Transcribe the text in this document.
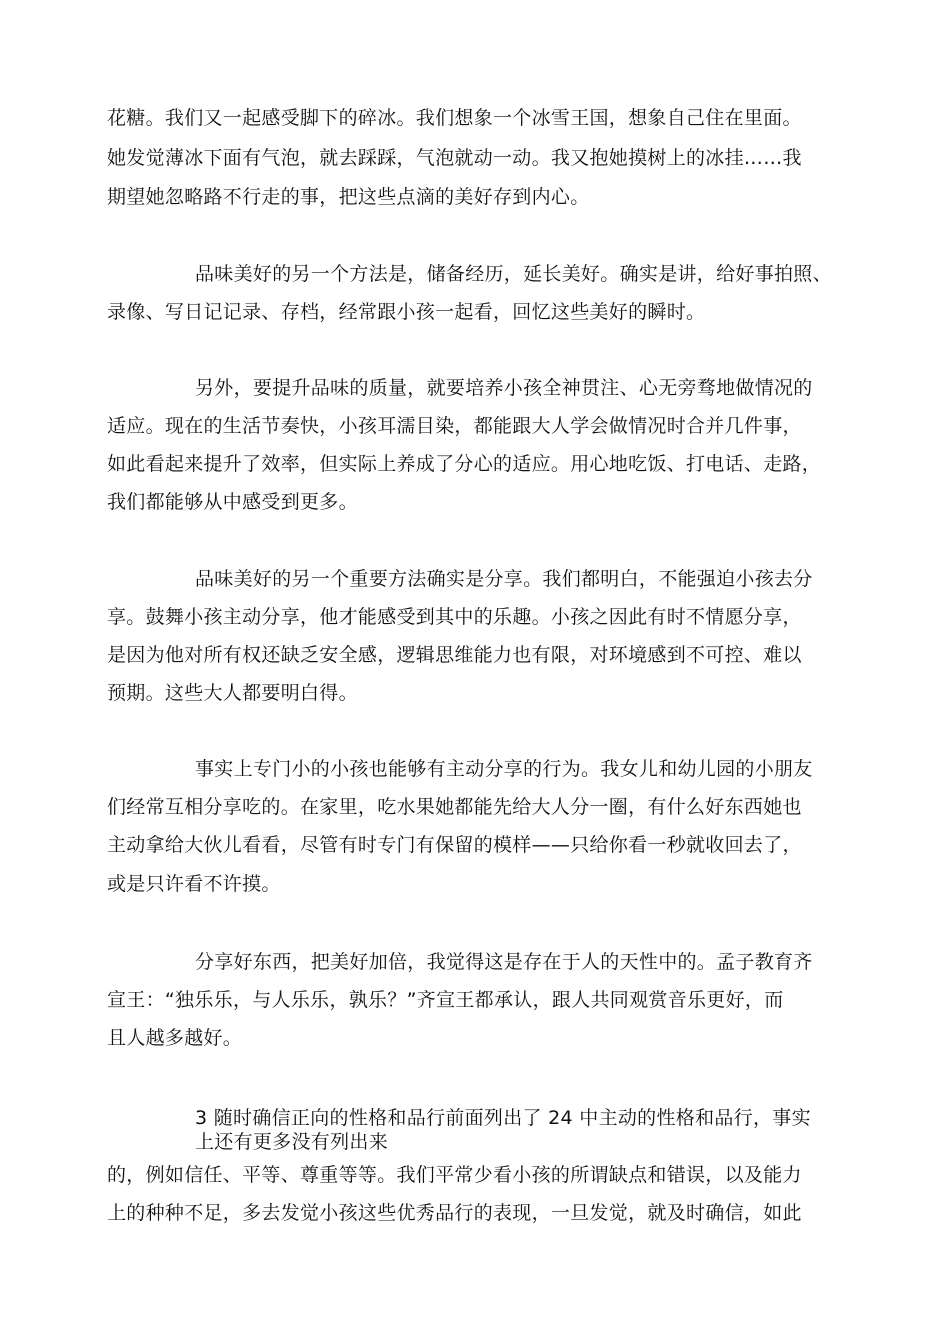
花糖。我们又一起感受脚下的碎冰。我们想象一个冰雪王国，想象自己住在里面。
她发觉薄冰下面有气泡，就去踩踩，气泡就动一动。我又抱她摸树上的冰挂……我
期望她忽略路不行走的事，把这些点滴的美好存到内心。
品味美好的另一个方法是，储备经历，延长美好。确实是讲，给好事拍照、
录像、写日记记录、存档，经常跟小孩一起看，回忆这些美好的瞬时。
另外，要提升品味的质量，就要培养小孩全神贯注、心无旁骛地做情况的
适应。现在的生活节奏快，小孩耳濡目染，都能跟大人学会做情况时合并几件事，
如此看起来提升了效率，但实际上养成了分心的适应。用心地吃饭、打电话、走路，
我们都能够从中感受到更多。
品味美好的另一个重要方法确实是分享。我们都明白，不能强迫小孩去分
享。鼓舞小孩主动分享，他才能感受到其中的乐趣。小孩之因此有时不情愿分享，
是因为他对所有权还缺乏安全感，逻辑思维能力也有限，对环境感到不可控、难以
预期。这些大人都要明白得。
事实上专门小的小孩也能够有主动分享的行为。我女儿和幼儿园的小朋友
们经常互相分享吃的。在家里，吃水果她都能先给大人分一圈，有什么好东西她也
主动拿给大伙儿看看，尽管有时专门有保留的模样——只给你看一秒就收回去了，
或是只许看不许摸。
分享好东西，把美好加倍，我觉得这是存在于人的天性中的。孟子教育齐
宣王：“独乐乐，与人乐乐，孰乐？”齐宣王都承认，跟人共同观赏音乐更好，而
且人越多越好。
3 随时确信正向的性格和品行前面列出了 24 中主动的性格和品行，事实
上还有更多没有列出来
的，例如信任、平等、尊重等等。我们平常少看小孩的所谓缺点和错误，以及能力
上的种种不足，多去发觉小孩这些优秀品行的表现，一旦发觉，就及时确信，如此
